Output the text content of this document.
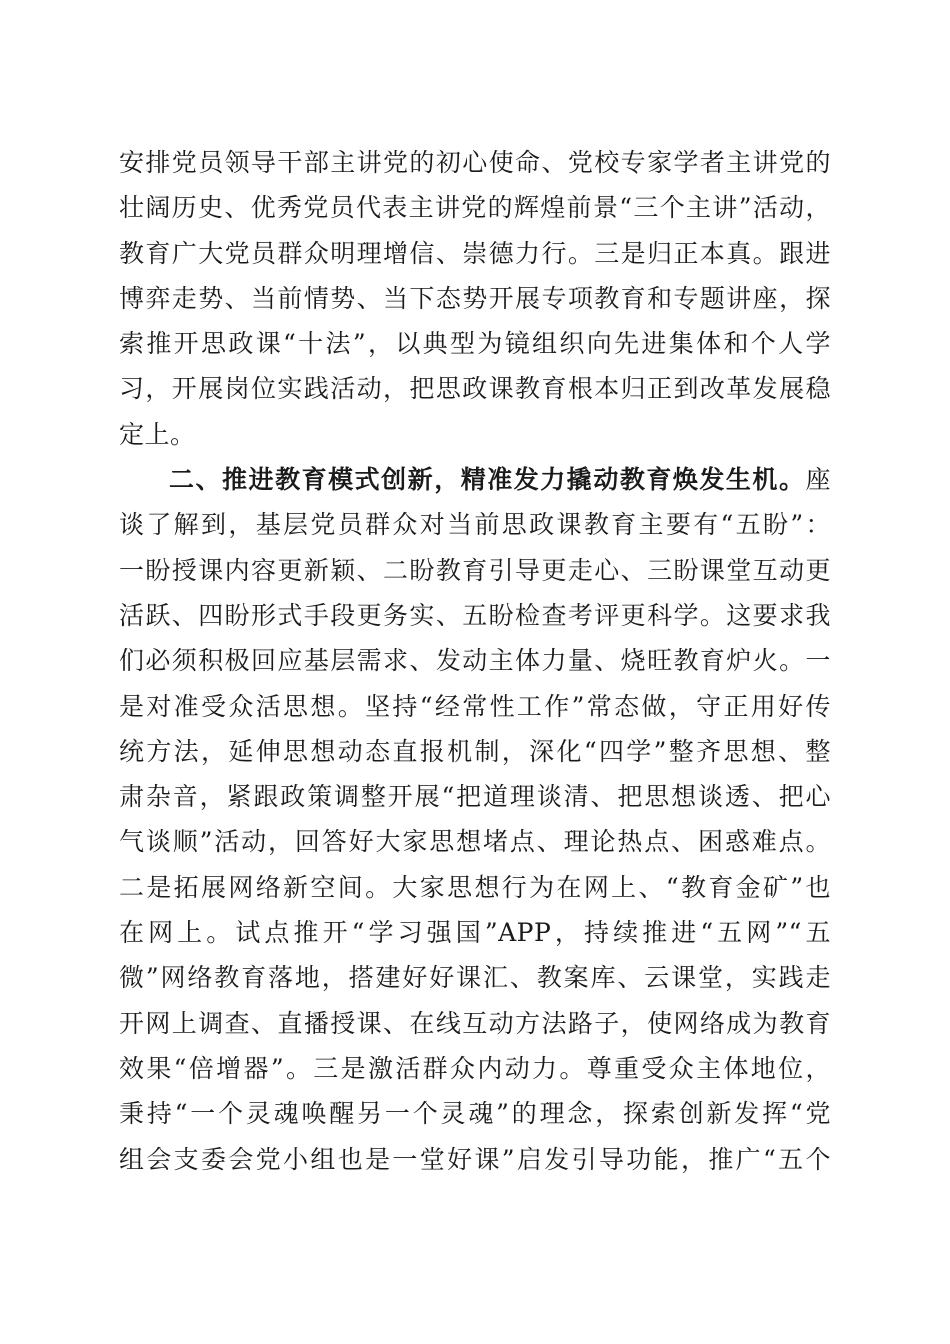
安排党员领导干部主讲党的初心使命、党校专家学者主讲党的
壮阔历史、优秀党员代表主讲党的辉煌前景“三个主讲”活动，
教育广大党员群众明理增信、崇德力行。三是归正本真。跟进
博弈走势、当前情势、当下态势开展专项教育和专题讲座，探
索推开思政课“十法”，以典型为镜组织向先进集体和个人学
习，开展岗位实践活动，把思政课教育根本归正到改革发展稳
定上。
二、推进教育模式创新，精准发力撬动教育焕发生机。座
谈了解到，基层党员群众对当前思政课教育主要有“五盼”：
一盼授课内容更新颖、二盼教育引导更走心、三盼课堂互动更
活跃、四盼形式手段更务实、五盼检查考评更科学。这要求我
们必须积极回应基层需求、发动主体力量、烧旺教育炉火。一
是对准受众活思想。坚持“经常性工作”常态做，守正用好传
统方法，延伸思想动态直报机制，深化“四学”整齐思想、整
肃杂音，紧跟政策调整开展“把道理谈清、把思想谈透、把心
气谈顺”活动，回答好大家思想堵点、理论热点、困惑难点。
二是拓展网络新空间。大家思想行为在网上、“教育金矿”也
在网上。试点推开“学习强国”APP，持续推进“五网”“五
微”网络教育落地，搭建好好课汇、教案库、云课堂，实践走
开网上调查、直播授课、在线互动方法路子，使网络成为教育
效果“倍增器”。三是激活群众内动力。尊重受众主体地位，
秉持“一个灵魂唤醒另一个灵魂”的理念，探索创新发挥“党
组会支委会党小组也是一堂好课”启发引导功能，推广“五个
